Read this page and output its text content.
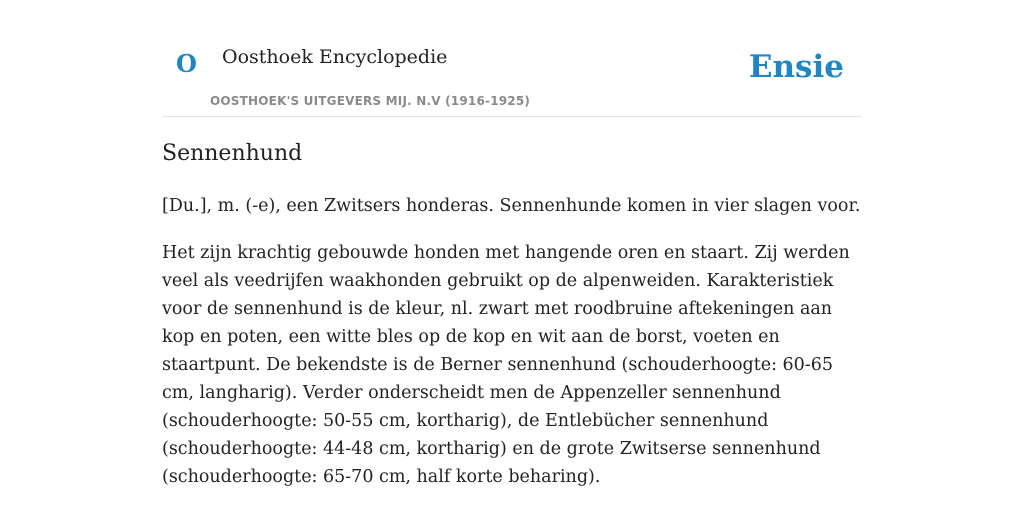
O Oosthoek Encyclopedie
OOSTHOEK'S UITGEVERS MIJ. N.V (1916-1925)
Ensie
Sennenhund

[Du.], m. (-e), een Zwitsers honderas. Sennenhunde komen in vier slagen voor.

Het zijn krachtig gebouwde honden met hangende oren en staart. Zij werden veel als veedrijfen waakhonden gebruikt op de alpenweiden. Karakteristiek voor de sennenhund is de kleur, nl. zwart met roodbruine aftekeningen aan kop en poten, een witte bles op de kop en wit aan de borst, voeten en staartpunt. De bekendste is de Berner sennenhund (schouderhoogte: 60-65 cm, langharig). Verder onderscheidt men de Appenzeller sennenhund (schouderhoogte: 50-55 cm, kortharig), de Entlebücher sennenhund (schouderhoogte: 44-48 cm, kortharig) en de grote Zwitserse sennenhund (schouderhoogte: 65-70 cm, half korte beharing).
